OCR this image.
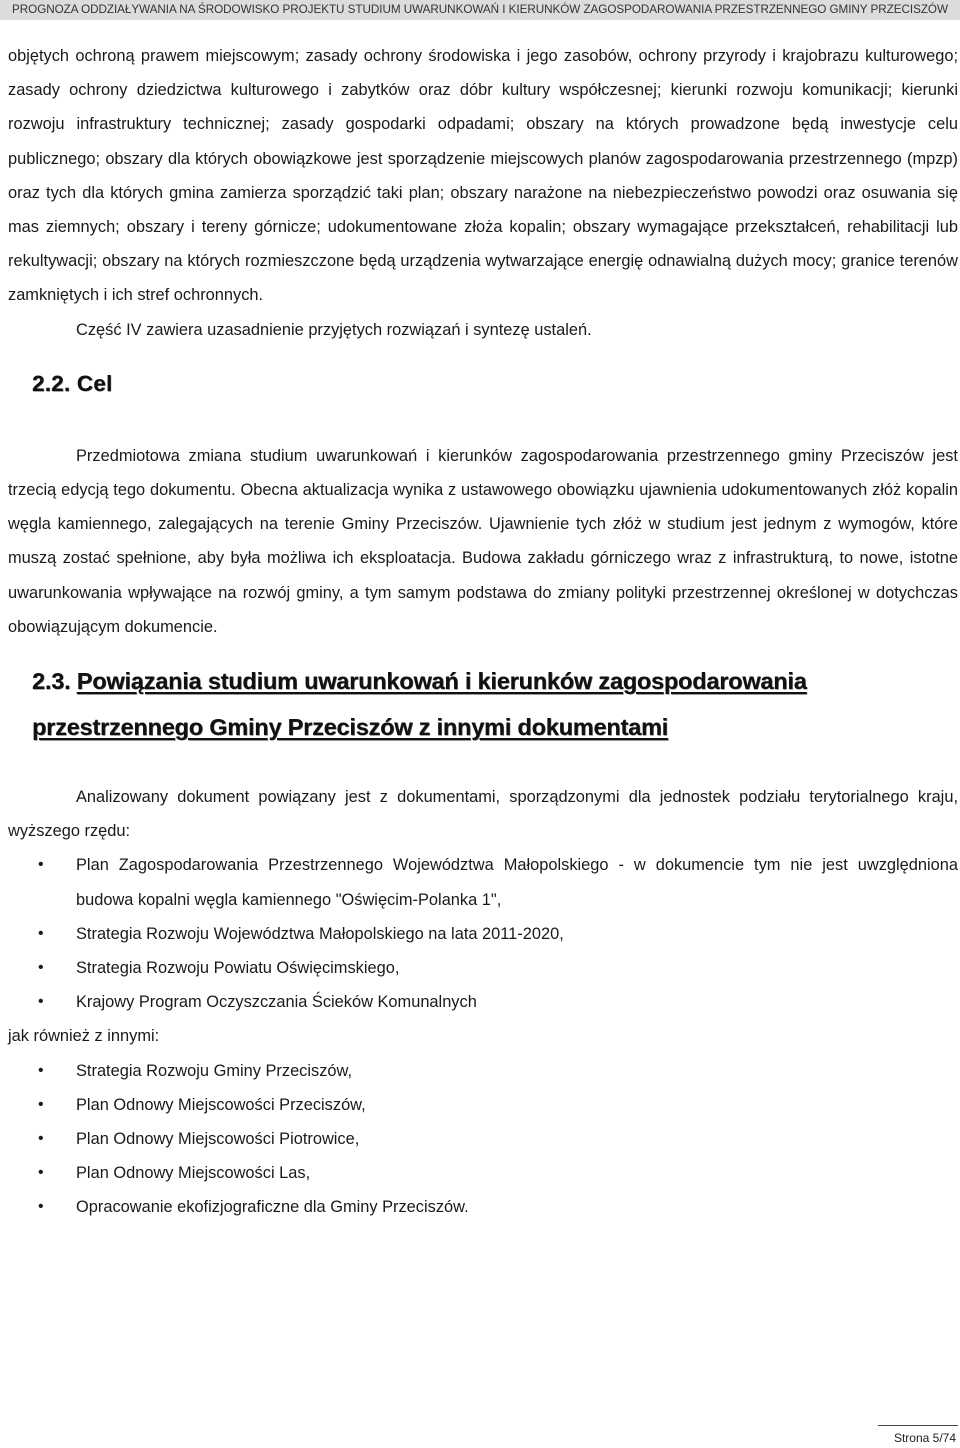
PROGNOZA ODDZIAŁYWANIA NA ŚRODOWISKO PROJEKTU STUDIUM UWARUNKOWAŃ I KIERUNKÓW ZAGOSPODAROWANIA PRZESTRZENNEGO GMINY PRZECISZÓW

objętych ochroną prawem miejscowym; zasady ochrony środowiska i jego zasobów, ochrony przyrody i krajobrazu kulturowego; zasady ochrony dziedzictwa kulturowego i zabytków oraz dóbr kultury współczesnej; kierunki rozwoju komunikacji; kierunki rozwoju infrastruktury technicznej; zasady gospodarki odpadami; obszary na których prowadzone będą inwestycje celu publicznego; obszary dla których obowiązkowe jest sporządzenie miejscowych planów zagospodarowania przestrzennego (mpzp) oraz tych dla których gmina zamierza sporządzić taki plan; obszary narażone na niebezpieczeństwo powodzi oraz osuwania się mas ziemnych; obszary i tereny górnicze; udokumentowane złoża kopalin; obszary wymagające przekształceń, rehabilitacji lub rekultywacji; obszary na których rozmieszczone będą urządzenia wytwarzające energię odnawialną dużych mocy; granice terenów zamkniętych i ich stref ochronnych.

Część IV zawiera uzasadnienie przyjętych rozwiązań i syntezę ustaleń.

2.2. Cel

Przedmiotowa zmiana studium uwarunkowań i kierunków zagospodarowania przestrzennego gminy Przeciszów jest trzecią edycją tego dokumentu. Obecna aktualizacja wynika z ustawowego obowiązku ujawnienia udokumentowanych złóż kopalin węgla kamiennego, zalegających na terenie Gminy Przeciszów. Ujawnienie tych złóż w studium jest jednym z wymogów, które muszą zostać spełnione, aby była możliwa ich eksploatacja. Budowa zakładu górniczego wraz z infrastrukturą, to nowe, istotne uwarunkowania wpływające na rozwój gminy, a tym samym podstawa do zmiany polityki przestrzennej określonej w dotychczas obowiązującym dokumencie.

2.3. Powiązania studium uwarunkowań i kierunków zagospodarowania
przestrzennego Gminy Przeciszów z innymi dokumentami

Analizowany dokument powiązany jest z dokumentami, sporządzonymi dla jednostek podziału terytorialnego kraju, wyższego rzędu:

• Plan Zagospodarowania Przestrzennego Województwa Małopolskiego - w dokumencie tym nie jest uwzględniona budowa kopalni węgla kamiennego "Oświęcim-Polanka 1",
• Strategia Rozwoju Województwa Małopolskiego na lata 2011-2020,
• Strategia Rozwoju Powiatu Oświęcimskiego,
• Krajowy Program Oczyszczania Ścieków Komunalnych

jak również z innymi:

• Strategia Rozwoju Gminy Przeciszów,
• Plan Odnowy Miejscowości Przeciszów,
• Plan Odnowy Miejscowości Piotrowice,
• Plan Odnowy Miejscowości Las,
• Opracowanie ekofizjograficzne dla Gminy Przeciszów.
Strona 5/74
